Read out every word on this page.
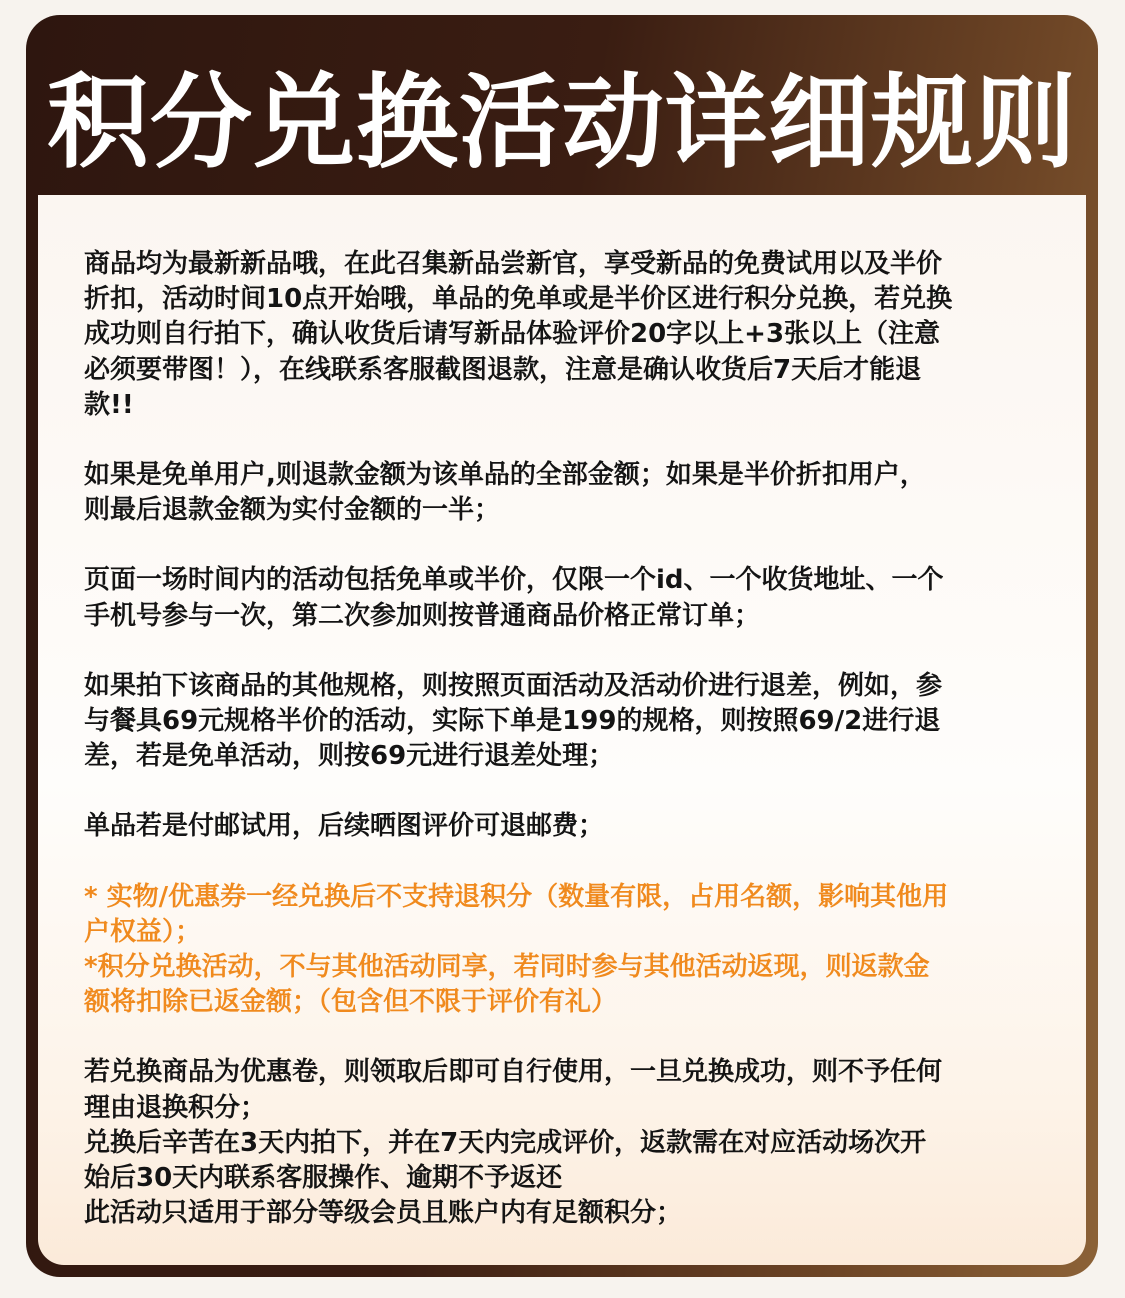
积分兑换活动详细规则
商品均为最新新品哦，在此召集新品尝新官，享受新品的免费试用以及半价
折扣，活动时间10点开始哦，单品的免单或是半价区进行积分兑换，若兑换
成功则自行拍下，确认收货后请写新品体验评价20字以上+3张以上（注意
必须要带图！），在线联系客服截图退款，注意是确认收货后7天后才能退
款!!
如果是免单用户,则退款金额为该单品的全部金额；如果是半价折扣用户，
则最后退款金额为实付金额的一半；
页面一场时间内的活动包括免单或半价，仅限一个id、一个收货地址、一个
手机号参与一次，第二次参加则按普通商品价格正常订单；
如果拍下该商品的其他规格，则按照页面活动及活动价进行退差，例如，参
与餐具69元规格半价的活动，实际下单是199的规格，则按照69/2进行退
差，若是免单活动，则按69元进行退差处理；
单品若是付邮试用，后续晒图评价可退邮费；
* 实物/优惠券一经兑换后不支持退积分（数量有限，占用名额，影响其他用
户权益）；
*积分兑换活动，不与其他活动同享，若同时参与其他活动返现，则返款金
额将扣除已返金额；（包含但不限于评价有礼）
若兑换商品为优惠卷，则领取后即可自行使用，一旦兑换成功，则不予任何
理由退换积分；
兑换后辛苦在3天内拍下，并在7天内完成评价，返款需在对应活动场次开
始后30天内联系客服操作、逾期不予返还
此活动只适用于部分等级会员且账户内有足额积分；
